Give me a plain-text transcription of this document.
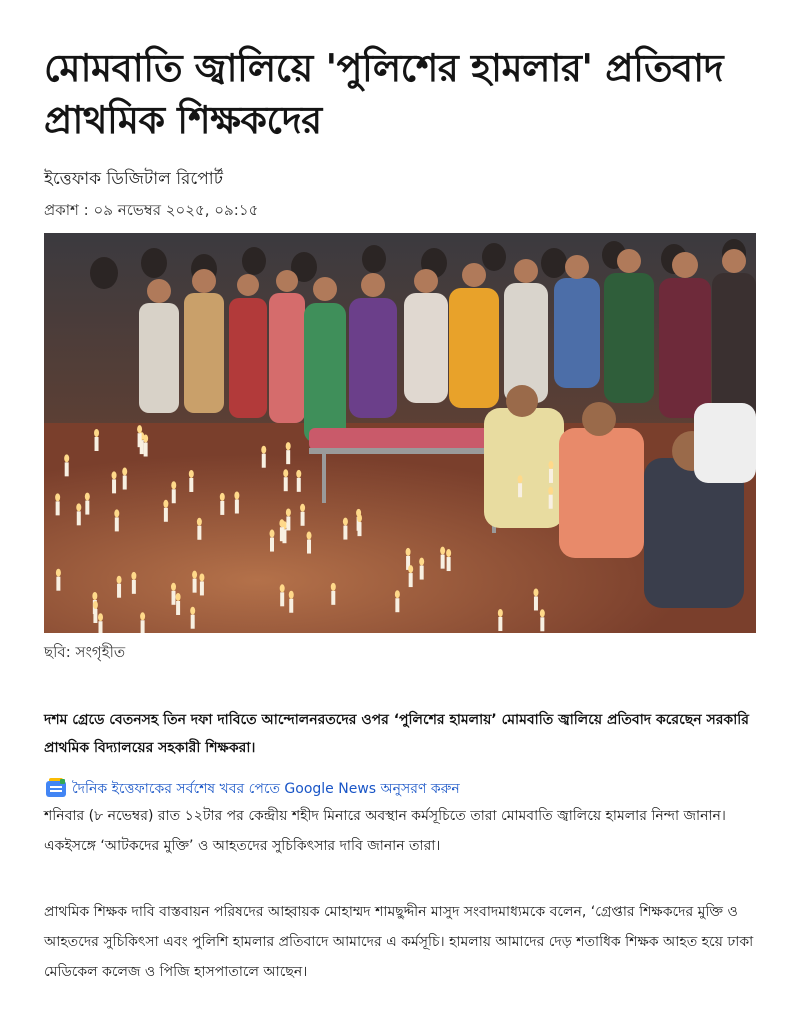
মোমবাতি জ্বালিয়ে 'পুলিশের হামলার' প্রতিবাদ প্রাথমিক শিক্ষকদের
ইত্তেফাক ডিজিটাল রিপোর্ট
প্রকাশ : ০৯ নভেম্বর ২০২৫, ০৯:১৫
ছবি: সংগৃহীত
দশম গ্রেডে বেতনসহ তিন দফা দাবিতে আন্দোলনরতদের ওপর ‘পুলিশের হামলায়’ মোমবাতি জ্বালিয়ে প্রতিবাদ করেছেন সরকারি প্রাথমিক বিদ্যালয়ের সহকারী শিক্ষকরা।
দৈনিক ইত্তেফাকের সর্বশেষ খবর পেতে Google News অনুসরণ করুন

শনিবার (৮ নভেম্বর) রাত ১২টার পর কেন্দ্রীয় শহীদ মিনারে অবস্থান কর্মসূচিতে তারা মোমবাতি জ্বালিয়ে হামলার নিন্দা জানান। একইসঙ্গে ‘আটকদের মুক্তি’ ও আহতদের সুচিকিৎসার দাবি জানান তারা।

প্রাথমিক শিক্ষক দাবি বাস্তবায়ন পরিষদের আহ্বায়ক মোহাম্মদ শামছুদ্দীন মাসুদ সংবাদমাধ্যমকে বলেন, ‘গ্রেপ্তার শিক্ষকদের মুক্তি ও আহতদের সুচিকিৎসা এবং পুলিশি হামলার প্রতিবাদে আমাদের এ কর্মসূচি। হামলায় আমাদের দেড় শতাধিক শিক্ষক আহত হয়ে ঢাকা মেডিকেল কলেজ ও পিজি হাসপাতালে আছেন।
